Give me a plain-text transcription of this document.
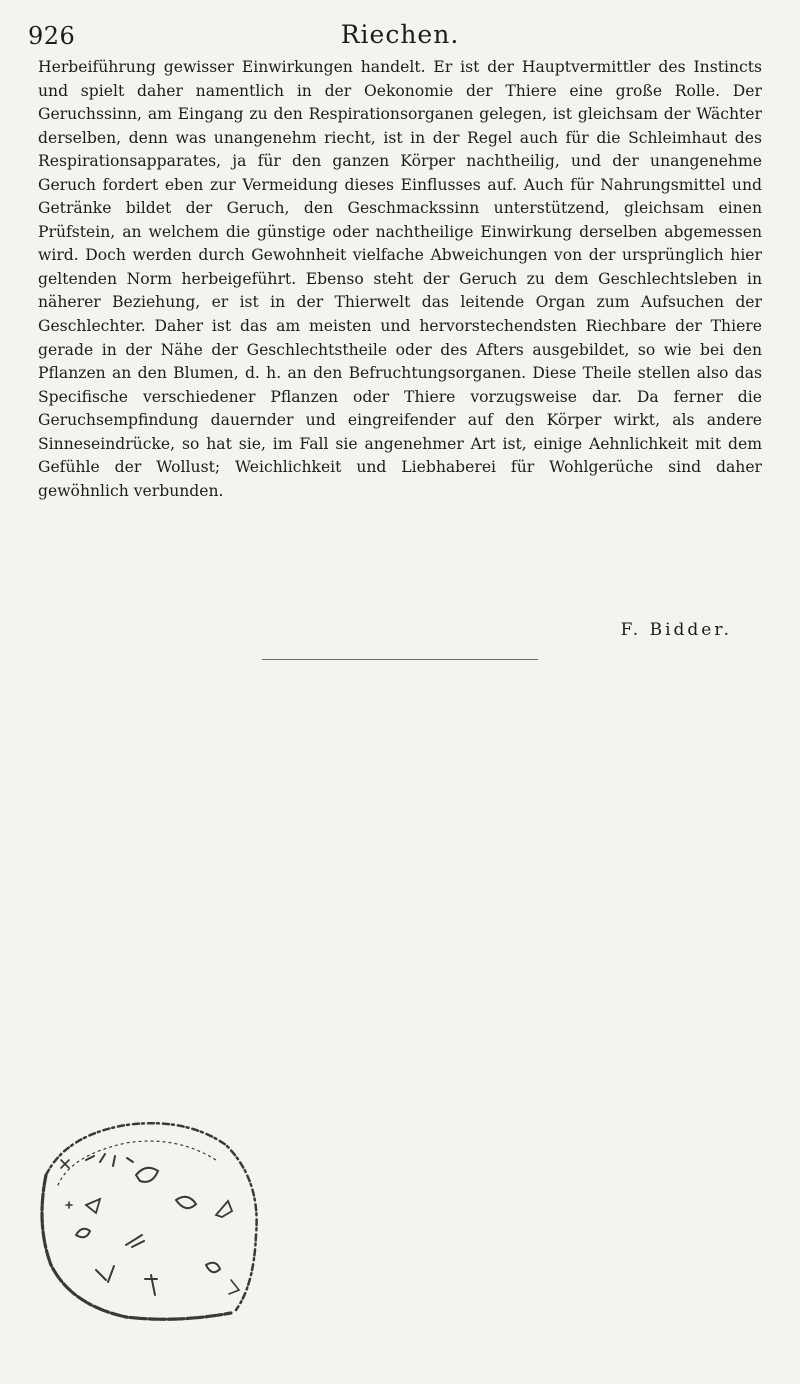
926	Riechen.

Herbeiführung gewisser Einwirkungen handelt. Er ist der Hauptvermittler des Instincts und spielt daher namentlich in der Oekonomie der Thiere eine große Rolle. Der Geruchssinn, am Eingang zu den Respirationsorganen gelegen, ist gleichsam der Wächter derselben, denn was unangenehm riecht, ist in der Regel auch für die Schleimhaut des Respirationsapparates, ja für den ganzen Körper nachtheilig, und der unangenehme Geruch fordert eben zur Vermeidung dieses Einflusses auf. Auch für Nahrungsmittel und Getränke bildet der Geruch, den Geschmackssinn unterstützend, gleichsam einen Prüfstein, an welchem die günstige oder nachtheilige Einwirkung derselben abgemessen wird. Doch werden durch Gewohnheit vielfache Abweichungen von der ursprünglich hier geltenden Norm herbeigeführt. Ebenso steht der Geruch zu dem Geschlechtsleben in näherer Beziehung, er ist in der Thierwelt das leitende Organ zum Aufsuchen der Geschlechter. Daher ist das am meisten und hervorstechendsten Riechbare der Thiere gerade in der Nähe der Geschlechtstheile oder des Afters ausgebildet, so wie bei den Pflanzen an den Blumen, d. h. an den Befruchtungsorganen. Diese Theile stellen also das Specifische verschiedener Pflanzen oder Thiere vorzugsweise dar. Da ferner die Geruchsempfindung dauernder und eingreifender auf den Körper wirkt, als andere Sinneseindrücke, so hat sie, im Fall sie angenehmer Art ist, einige Aehnlichkeit mit dem Gefühle der Wollust; Weichlichkeit und Liebhaberei für Wohlgerüche sind daher gewöhnlich verbunden.

F. Bidder.
